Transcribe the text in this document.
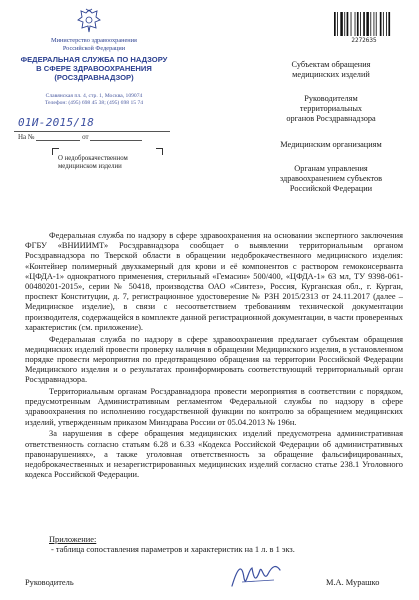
Министерство здравоохранения
Российской Федерации
ФЕДЕРАЛЬНАЯ СЛУЖБА ПО НАДЗОРУ
В СФЕРЕ ЗДРАВООХРАНЕНИЯ
(РОСЗДРАВНАДЗОР)
Славянская пл. 4, стр. 1, Москва, 109074
Телефон: (495) 698 45 38; (495) 698 15 74
01И-2015/18
На №	от
О недоброкачественном
медицинском изделии
2272635
Субъектам обращения
медицинских изделий
Руководителям
территориальных
органов Росздравнадзора
Медицинским организациям
Органам управления
здравоохранением субъектов
Российской Федерации

Федеральная служба по надзору в сфере здравоохранения на основании экспертного заключения ФГБУ «ВНИИИМТ» Росздравнадзора сообщает о выявлении территориальным органом Росздравнадзора по Тверской области в обращении недоброкачественного медицинского изделия: «Контейнер полимерный двухкамерный для крови и её компонентов с раствором гемоконсерванта «ЦФДА-1» однократного применения, стерильный «Гемасин» 500/400, «ЦФДА-1» 63 мл, ТУ 9398-061-00480201-2015», серии № 50418, производства ОАО «Синтез», Россия, Курганская обл., г. Курган, проспект Конституции, д. 7, регистрационное удостоверение № РЗН 2015/2313 от 24.11.2017 (далее – Медицинское изделие), в связи с несоответствием требованиям технической документации производителя, содержащейся в комплекте данной регистрационной документации, в части проверенных характеристик (см. приложение).

Федеральная служба по надзору в сфере здравоохранения предлагает субъектам обращения медицинских изделий провести проверку наличия в обращении Медицинского изделия, в установленном порядке провести мероприятия по предотвращению обращения на территории Российской Федерации Медицинского изделия и о результатах проинформировать соответствующий территориальный орган Росздравнадзора.

Территориальным органам Росздравнадзора провести мероприятия в соответствии с порядком, предусмотренным Административным регламентом Федеральной службы по надзору в сфере здравоохранения по исполнению государственной функции по контролю за обращением медицинских изделий, утвержденным приказом Минздрава России от 05.04.2013 № 196н.

За нарушения в сфере обращения медицинских изделий предусмотрена административная ответственность согласно статьям 6.28 и 6.33 «Кодекса Российской Федерации об административных правонарушениях», а также уголовная ответственность за обращение фальсифицированных, недоброкачественных и незарегистрированных медицинских изделий согласно статье 238.1 Уголовного кодекса Российской Федерации.

Приложение:
- таблица сопоставления параметров и характеристик на 1 л. в 1 экз.
Руководитель	М.А. Мурашко
